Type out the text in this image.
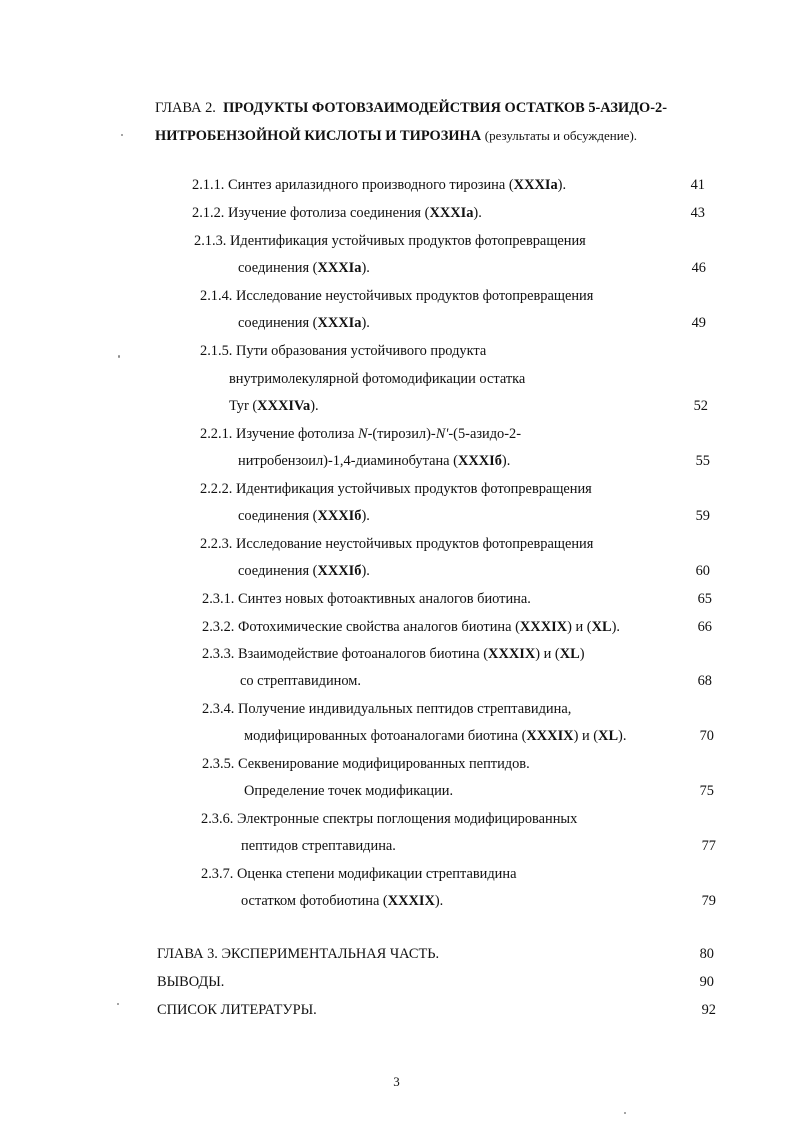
ГЛАВА 2. ПРОДУКТЫ ФОТОВЗАИМОДЕЙСТВИЯ ОСТАТКОВ 5-АЗИДО-2-
НИТРОБЕНЗОЙНОЙ КИСЛОТЫ И ТИРОЗИНА (результаты и обсуждение).
2.1.1. Синтез арилазидного производного тирозина (XXXIa).	41
2.1.2. Изучение фотолиза соединения (XXXIa).	43
2.1.3. Идентификация устойчивых продуктов фотопревращения
соединения (XXXIa).	46
2.1.4. Исследование неустойчивых продуктов фотопревращения
соединения (XXXIa).	49
2.1.5. Пути образования устойчивого продукта
внутримолекулярной фотомодификации остатка
Tyr (XXXIVa).	52
2.2.1. Изучение фотолиза N-(тирозил)-N'-(5-азидо-2-
нитробензоил)-1,4-диаминобутана (XXXIб).	55
2.2.2. Идентификация устойчивых продуктов фотопревращения
соединения (XXXIб).	59
2.2.3. Исследование неустойчивых продуктов фотопревращения
соединения (XXXIб).	60
2.3.1. Синтез новых фотоактивных аналогов биотина.	65
2.3.2. Фотохимические свойства аналогов биотина (XXXIX) и (XL).	66
2.3.3. Взаимодействие фотоаналогов биотина (XXXIX) и (XL)
со стрептавидином.	68
2.3.4. Получение индивидуальных пептидов стрептавидина,
модифицированных фотоаналогами биотина (XXXIX) и (XL).	70
2.3.5. Секвенирование модифицированных пептидов.
Определение точек модификации.	75
2.3.6. Электронные спектры поглощения модифицированных
пептидов стрептавидина.	77
2.3.7. Оценка степени модификации стрептавидина
остатком фотобиотина (XXXIX).	79
ГЛАВА 3. ЭКСПЕРИМЕНТАЛЬНАЯ ЧАСТЬ.	80
ВЫВОДЫ.	90
СПИСОК ЛИТЕРАТУРЫ.	92
3
